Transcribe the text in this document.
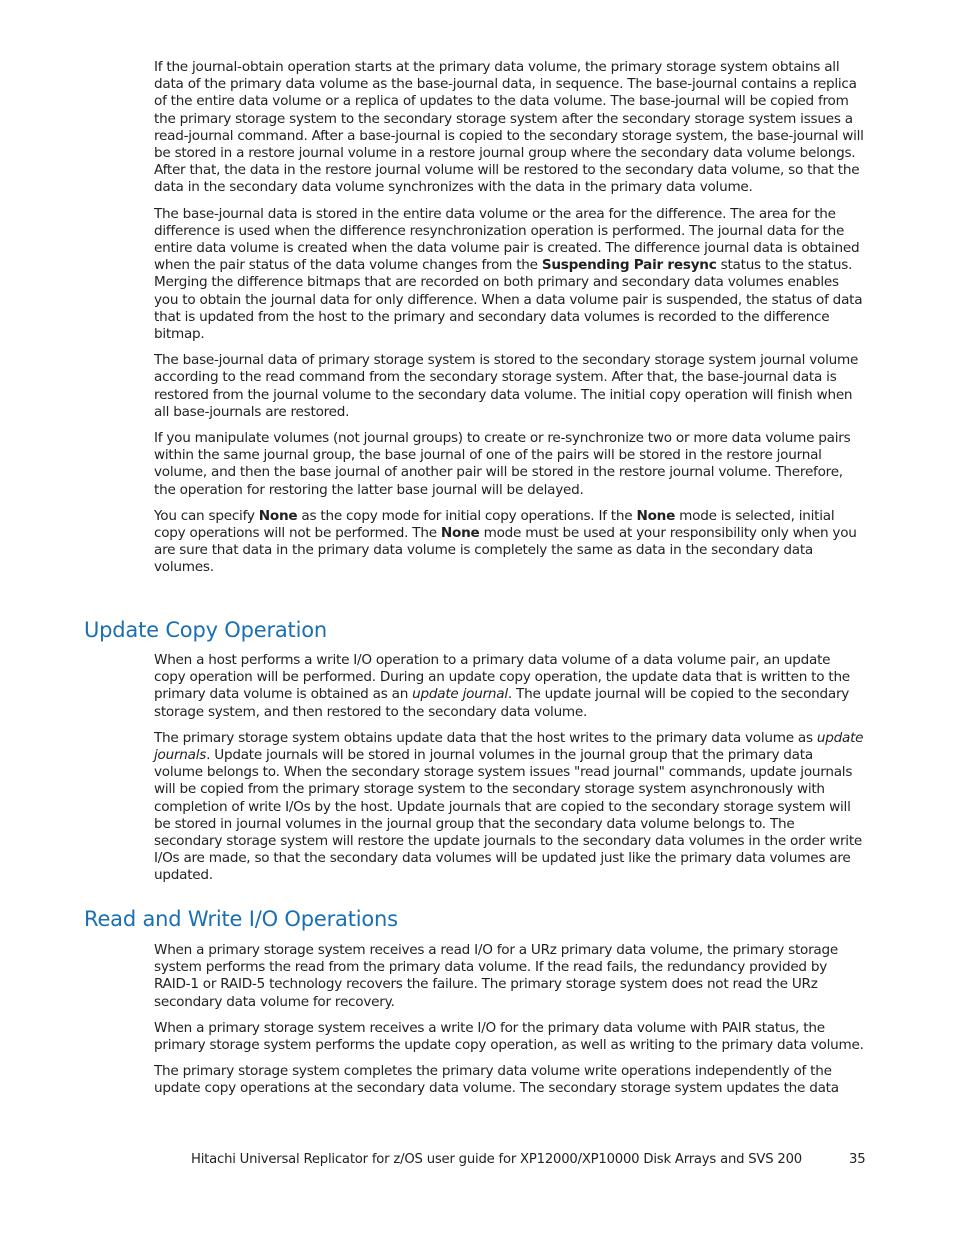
If the journal-obtain operation starts at the primary data volume, the primary storage system obtains all data of the primary data volume as the base-journal data, in sequence. The base-journal contains a replica of the entire data volume or a replica of updates to the data volume. The base-journal will be copied from the primary storage system to the secondary storage system after the secondary storage system issues a read-journal command. After a base-journal is copied to the secondary storage system, the base-journal will be stored in a restore journal volume in a restore journal group where the secondary data volume belongs. After that, the data in the restore journal volume will be restored to the secondary data volume, so that the data in the secondary data volume synchronizes with the data in the primary data volume.

The base-journal data is stored in the entire data volume or the area for the difference. The area for the difference is used when the difference resynchronization operation is performed. The journal data for the entire data volume is created when the data volume pair is created. The difference journal data is obtained when the pair status of the data volume changes from the Suspending Pair resync status to the status. Merging the difference bitmaps that are recorded on both primary and secondary data volumes enables you to obtain the journal data for only difference. When a data volume pair is suspended, the status of data that is updated from the host to the primary and secondary data volumes is recorded to the difference bitmap.

The base-journal data of primary storage system is stored to the secondary storage system journal volume according to the read command from the secondary storage system. After that, the base-journal data is restored from the journal volume to the secondary data volume. The initial copy operation will finish when all base-journals are restored.

If you manipulate volumes (not journal groups) to create or re-synchronize two or more data volume pairs within the same journal group, the base journal of one of the pairs will be stored in the restore journal volume, and then the base journal of another pair will be stored in the restore journal volume. Therefore, the operation for restoring the latter base journal will be delayed.

You can specify None as the copy mode for initial copy operations. If the None mode is selected, initial copy operations will not be performed. The None mode must be used at your responsibility only when you are sure that data in the primary data volume is completely the same as data in the secondary data volumes.

Update Copy Operation

When a host performs a write I/O operation to a primary data volume of a data volume pair, an update copy operation will be performed. During an update copy operation, the update data that is written to the primary data volume is obtained as an update journal. The update journal will be copied to the secondary storage system, and then restored to the secondary data volume.

The primary storage system obtains update data that the host writes to the primary data volume as update journals. Update journals will be stored in journal volumes in the journal group that the primary data volume belongs to. When the secondary storage system issues "read journal" commands, update journals will be copied from the primary storage system to the secondary storage system asynchronously with completion of write I/Os by the host. Update journals that are copied to the secondary storage system will be stored in journal volumes in the journal group that the secondary data volume belongs to. The secondary storage system will restore the update journals to the secondary data volumes in the order write I/Os are made, so that the secondary data volumes will be updated just like the primary data volumes are updated.

Read and Write I/O Operations

When a primary storage system receives a read I/O for a URz primary data volume, the primary storage system performs the read from the primary data volume. If the read fails, the redundancy provided by RAID-1 or RAID-5 technology recovers the failure. The primary storage system does not read the URz secondary data volume for recovery.

When a primary storage system receives a write I/O for the primary data volume with PAIR status, the primary storage system performs the update copy operation, as well as writing to the primary data volume.

The primary storage system completes the primary data volume write operations independently of the update copy operations at the secondary data volume. The secondary storage system updates the data

Hitachi Universal Replicator for z/OS user guide for XP12000/XP10000 Disk Arrays and SVS 200	35
